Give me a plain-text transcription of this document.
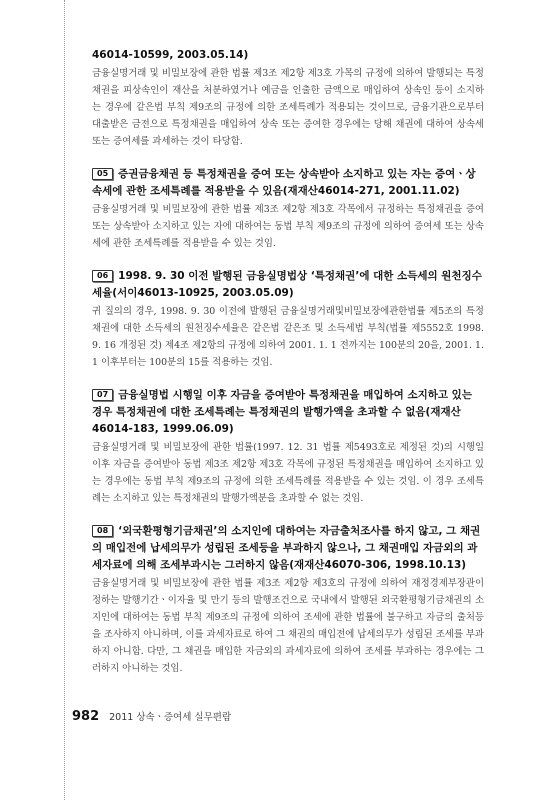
46014-10599, 2003.05.14)

금융실명거래 및 비밀보장에 관한 법률 제3조 제2항 제3호 가목의 규정에 의하여 발행되는 특정채권을 피상속인이 재산을 처분하였거나 예금을 인출한 금액으로 매입하여 상속인 등이 소지하는 경우에 같은법 부칙 제9조의 규정에 의한 조세특례가 적용되는 것이므로, 금융기관으로부터 대출받은 금전으로 특정채권을 매입하여 상속 또는 증여한 경우에는 당해 채권에 대하여 상속세 또는 증여세를 과세하는 것이 타당함.

05 증권금융채권 등 특정채권을 증여 또는 상속받아 소지하고 있는 자는 증여ㆍ상속세에 관한 조세특례를 적용받을 수 있음(재재산46014-271, 2001.11.02)

금융실명거래 및 비밀보장에 관한 법률 제3조 제2항 제3호 각목에서 규정하는 특정채권을 증여 또는 상속받아 소지하고 있는 자에 대하여는 동법 부칙 제9조의 규정에 의하여 증여세 또는 상속세에 관한 조세특례를 적용받을 수 있는 것임.

06 1998. 9. 30 이전 발행된 금융실명법상 ‘특정채권’에 대한 소득세의 원천징수세율(서이46013-10925, 2003.05.09)

귀 질의의 경우, 1998. 9. 30 이전에 발행된 금융실명거래및비밀보장에관한법률 제5조의 특정채권에 대한 소득세의 원천징수세율은 같은법 같은조 및 소득세법 부칙(법률 제5552호 1998. 9. 16 개정된 것) 제4조 제2항의 규정에 의하여 2001. 1. 1 전까지는 100분의 20을, 2001. 1. 1 이후부터는 100분의 15를 적용하는 것임.

07 금융실명법 시행일 이후 자금을 증여받아 특정채권을 매입하여 소지하고 있는 경우 특정채권에 대한 조세특례는 특정채권의 발행가액을 초과할 수 없음(재재산46014-183, 1999.06.09)

금융실명거래 및 비밀보장에 관한 법률(1997. 12. 31 법률 제5493호로 제정된 것)의 시행일 이후 자금을 증여받아 동법 제3조 제2항 제3호 각목에 규정된 특정채권을 매입하여 소지하고 있는 경우에는 동법 부칙 제9조의 규정에 의한 조세특례를 적용받을 수 있는 것임. 이 경우 조세특례는 소지하고 있는 특정채권의 발행가액분을 초과할 수 없는 것임.

08 ‘외국환평형기금채권’의 소지인에 대하여는 자금출처조사를 하지 않고, 그 채권의 매입전에 납세의무가 성립된 조세등을 부과하지 않으나, 그 채권매입 자금외의 과세자료에 의해 조세부과시는 그러하지 않음(재재산46070-306, 1998.10.13)

금융실명거래 및 비밀보장에 관한 법률 제3조 제2항 제3호의 규정에 의하여 재정경제부장관이 정하는 발행기간ㆍ이자율 및 만기 등의 발행조건으로 국내에서 발행된 외국환평형기금채권의 소지인에 대하여는 동법 부칙 제9조의 규정에 의하여 조세에 관한 법률에 불구하고 자금의 출처등을 조사하지 아니하며, 이를 과세자료로 하여 그 채권의 매입전에 납세의무가 성립된 조세를 부과하지 아니함. 다만, 그 채권을 매입한 자금외의 과세자료에 의하여 조세를 부과하는 경우에는 그러하지 아니하는 것임.

982 2011 상속ㆍ증여세 실무편람
